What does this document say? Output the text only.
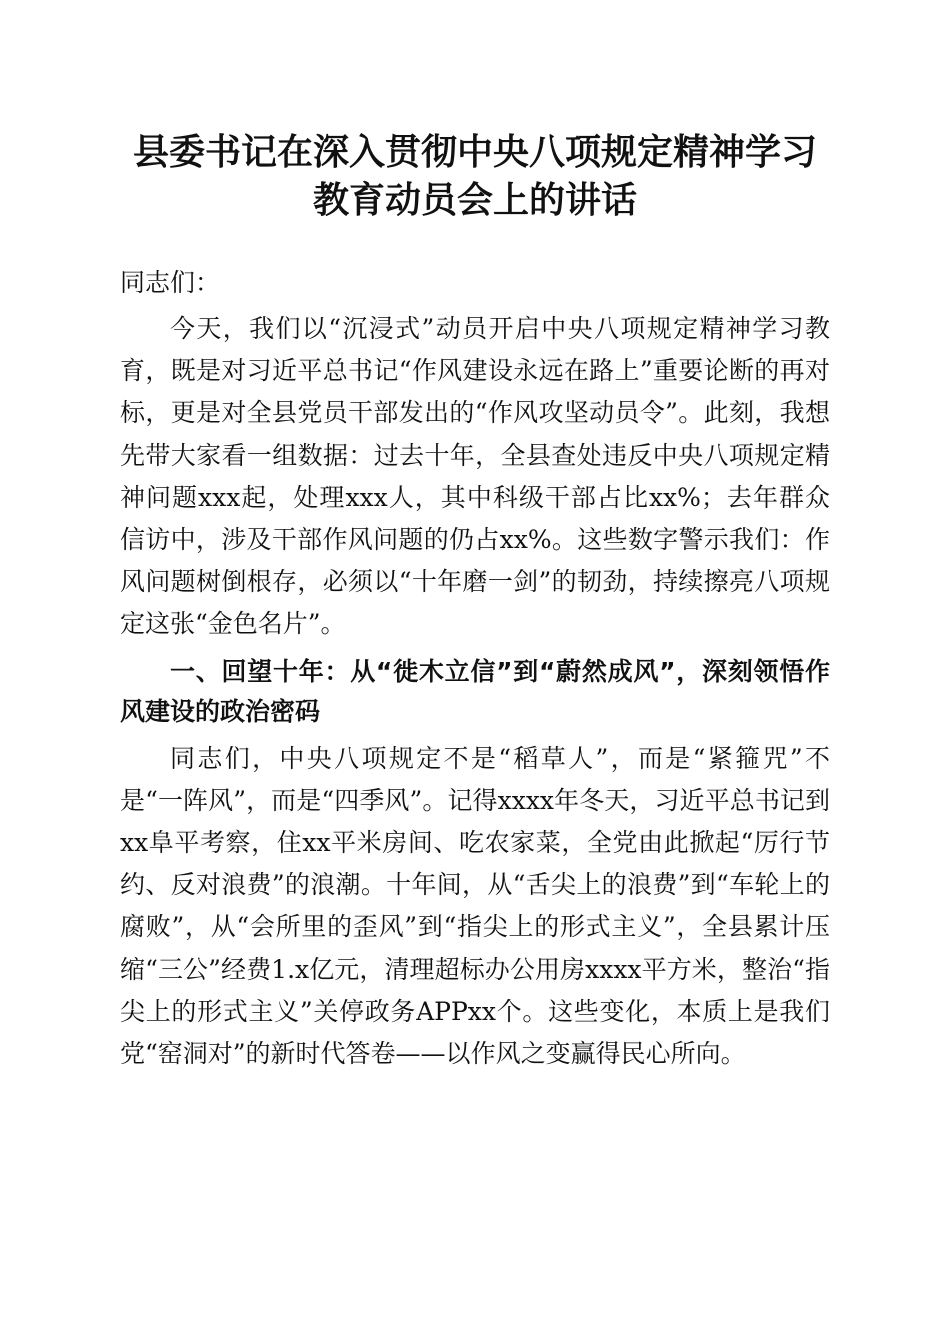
县委书记在深入贯彻中央八项规定精神学习教育动员会上的讲话

同志们：

今天，我们以“沉浸式”动员开启中央八项规定精神学习教育，既是对习近平总书记“作风建设永远在路上”重要论断的再对标，更是对全县党员干部发出的“作风攻坚动员令”。此刻，我想先带大家看一组数据：过去十年，全县查处违反中央八项规定精神问题xxx起，处理xxx人，其中科级干部占比xx%；去年群众信访中，涉及干部作风问题的仍占xx%。这些数字警示我们：作风问题树倒根存，必须以“十年磨一剑”的韧劲，持续擦亮八项规定这张“金色名片”。

一、回望十年：从“徙木立信”到“蔚然成风”，深刻领悟作风建设的政治密码

同志们，中央八项规定不是“稻草人”，而是“紧箍咒”不是“一阵风”，而是“四季风”。记得xxxx年冬天，习近平总书记到xx阜平考察，住xx平米房间、吃农家菜，全党由此掀起“厉行节约、反对浪费”的浪潮。十年间，从“舌尖上的浪费”到“车轮上的腐败”，从“会所里的歪风”到“指尖上的形式主义”，全县累计压缩“三公”经费1.x亿元，清理超标办公用房xxxx平方米，整治“指尖上的形式主义”关停政务APPxx个。这些变化，本质上是我们党“窑洞对”的新时代答卷——以作风之变赢得民心所向。
